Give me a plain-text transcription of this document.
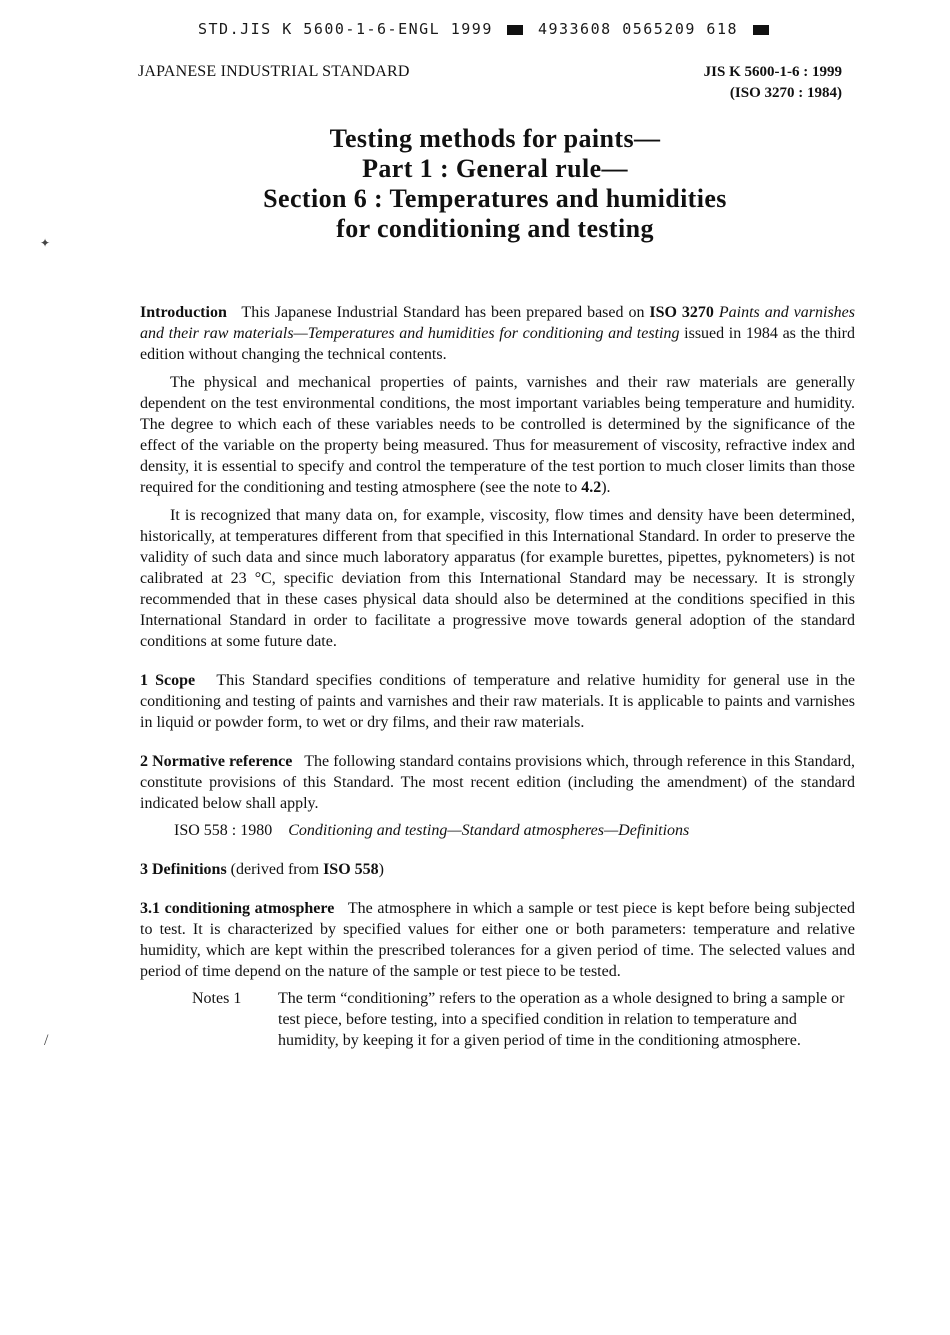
STD.JIS K 5600-1-6-ENGL 1999	4933608 0565209 618
JAPANESE INDUSTRIAL STANDARD	JIS K 5600-1-6 : 1999
(ISO 3270 : 1984)
Testing methods for paints—
Part 1 : General rule—
Section 6 : Temperatures and humidities
for conditioning and testing
✦
/

Introduction This Japanese Industrial Standard has been prepared based on ISO 3270 Paints and varnishes and their raw materials—Temperatures and humidities for conditioning and testing issued in 1984 as the third edition without changing the technical contents.

The physical and mechanical properties of paints, varnishes and their raw materials are generally dependent on the test environmental conditions, the most important variables being temperature and humidity. The degree to which each of these variables needs to be controlled is determined by the significance of the effect of the variable on the property being measured. Thus for measurement of viscosity, refractive index and density, it is essential to specify and control the temperature of the test portion to much closer limits than those required for the conditioning and testing atmosphere (see the note to 4.2).

It is recognized that many data on, for example, viscosity, flow times and density have been determined, historically, at temperatures different from that specified in this International Standard. In order to preserve the validity of such data and since much laboratory apparatus (for example burettes, pipettes, pyknometers) is not calibrated at 23 °C, specific deviation from this International Standard may be necessary. It is strongly recommended that in these cases physical data should also be determined at the conditions specified in this International Standard in order to facilitate a progressive move towards general adoption of the standard conditions at some future date.

1 Scope This Standard specifies conditions of temperature and relative humidity for general use in the conditioning and testing of paints and varnishes and their raw materials. It is applicable to paints and varnishes in liquid or powder form, to wet or dry films, and their raw materials.

2 Normative reference The following standard contains provisions which, through reference in this Standard, constitute provisions of this Standard. The most recent edition (including the amendment) of the standard indicated below shall apply.

ISO 558 : 1980 Conditioning and testing—Standard atmospheres—Definitions

3 Definitions (derived from ISO 558)

3.1 conditioning atmosphere The atmosphere in which a sample or test piece is kept before being subjected to test. It is characterized by specified values for either one or both parameters: temperature and relative humidity, which are kept within the prescribed tolerances for a given period of time. The selected values and period of time depend on the nature of the sample or test piece to be tested.

Notes 1	The term “conditioning” refers to the operation as a whole designed to bring a sample or test piece, before testing, into a specified condition in relation to temperature and humidity, by keeping it for a given period of time in the conditioning atmosphere.
